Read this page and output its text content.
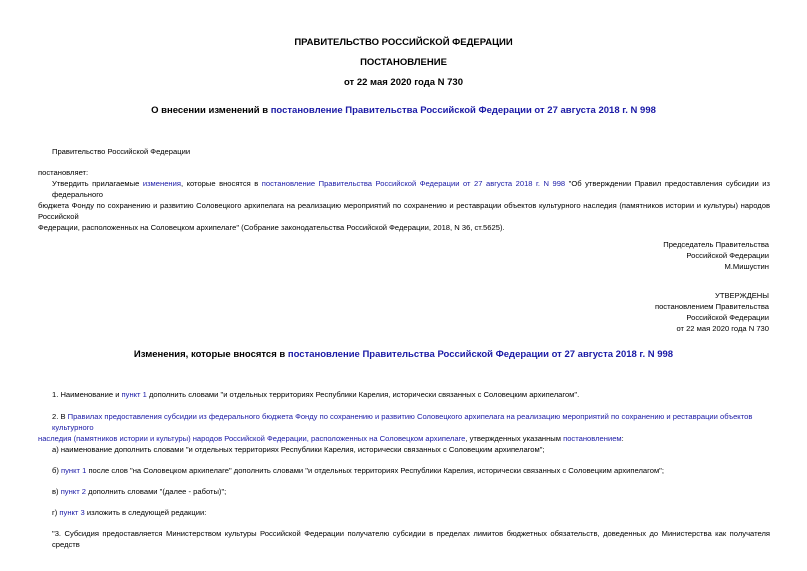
ПРАВИТЕЛЬСТВО РОССИЙСКОЙ ФЕДЕРАЦИИ
ПОСТАНОВЛЕНИЕ
от 22 мая 2020 года N 730
О внесении изменений в постановление Правительства Российской Федерации от 27 августа 2018 г. N 998
Правительство Российской Федерации
постановляет:
Утвердить прилагаемые изменения, которые вносятся в постановление Правительства Российской Федерации от 27 августа 2018 г. N 998 "Об утверждении Правил предоставления субсидии из федерального
бюджета Фонду по сохранению и развитию Соловецкого архипелага на реализацию мероприятий по сохранению и реставрации объектов культурного наследия (памятников истории и культуры) народов Российской
Федерации, расположенных на Соловецком архипелаге" (Собрание законодательства Российской Федерации, 2018, N 36, ст.5625).
Председатель Правительства
Российской Федерации
М.Мишустин
УТВЕРЖДЕНЫ
постановлением Правительства
Российской Федерации
от 22 мая 2020 года N 730
Изменения, которые вносятся в постановление Правительства Российской Федерации от 27 августа 2018 г. N 998
1. Наименование и пункт 1 дополнить словами "и отдельных территориях Республики Карелия, исторически связанных с Соловецким архипелагом".
2. В Правилах предоставления субсидии из федерального бюджета Фонду по сохранению и развитию Соловецкого архипелага на реализацию мероприятий по сохранению и реставрации объектов культурного
наследия (памятников истории и культуры) народов Российской Федерации, расположенных на Соловецком архипелаге, утвержденных указанным постановлением:
а) наименование дополнить словами "и отдельных территориях Республики Карелия, исторически связанных с Соловецким архипелагом";
б) пункт 1 после слов "на Соловецком архипелаге" дополнить словами "и отдельных территориях Республики Карелия, исторически связанных с Соловецким архипелагом";
в) пункт 2 дополнить словами "(далее - работы)";
г) пункт 3 изложить в следующей редакции:
"3. Субсидия предоставляется Министерством культуры Российской Федерации получателю субсидии в пределах лимитов бюджетных обязательств, доведенных до Министерства как получателя средств
